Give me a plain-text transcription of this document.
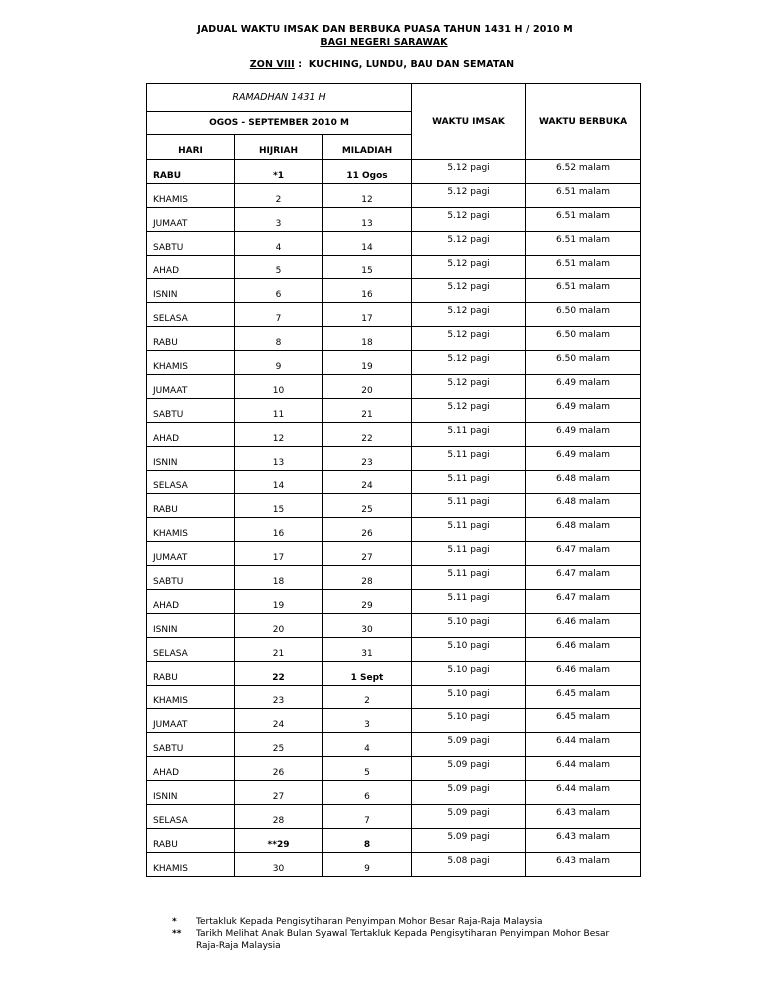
JADUAL WAKTU IMSAK DAN BERBUKA PUASA TAHUN 1431 H / 2010 M
BAGI NEGERI SARAWAK
ZON VIII : KUCHING, LUNDU, BAU DAN SEMATAN
RAMADHAN 1431 H			WAKTU IMSAK	WAKTU BERBUKA
OGOS - SEPTEMBER 2010 M				
HARI	HIJRIAH	MILADIAH		
RABU	*1	11 Ogos	5.12 pagi	6.52 malam
KHAMIS	2	12	5.12 pagi	6.51 malam
JUMAAT	3	13	5.12 pagi	6.51 malam
SABTU	4	14	5.12 pagi	6.51 malam
AHAD	5	15	5.12 pagi	6.51 malam
ISNIN	6	16	5.12 pagi	6.51 malam
SELASA	7	17	5.12 pagi	6.50 malam
RABU	8	18	5.12 pagi	6.50 malam
KHAMIS	9	19	5.12 pagi	6.50 malam
JUMAAT	10	20	5.12 pagi	6.49 malam
SABTU	11	21	5.12 pagi	6.49 malam
AHAD	12	22	5.11 pagi	6.49 malam
ISNIN	13	23	5.11 pagi	6.49 malam
SELASA	14	24	5.11 pagi	6.48 malam
RABU	15	25	5.11 pagi	6.48 malam
KHAMIS	16	26	5.11 pagi	6.48 malam
JUMAAT	17	27	5.11 pagi	6.47 malam
SABTU	18	28	5.11 pagi	6.47 malam
AHAD	19	29	5.11 pagi	6.47 malam
ISNIN	20	30	5.10 pagi	6.46 malam
SELASA	21	31	5.10 pagi	6.46 malam
RABU	22	1 Sept	5.10 pagi	6.46 malam
KHAMIS	23	2	5.10 pagi	6.45 malam
JUMAAT	24	3	5.10 pagi	6.45 malam
SABTU	25	4	5.09 pagi	6.44 malam
AHAD	26	5	5.09 pagi	6.44 malam
ISNIN	27	6	5.09 pagi	6.44 malam
SELASA	28	7	5.09 pagi	6.43 malam
RABU	**29	8	5.09 pagi	6.43 malam
KHAMIS	30	9	5.08 pagi	6.43 malam
*	Tertakluk Kepada Pengisytiharan Penyimpan Mohor Besar Raja-Raja Malaysia
**	Tarikh Melihat Anak Bulan Syawal Tertakluk Kepada Pengisytiharan Penyimpan Mohor Besar Raja-Raja Malaysia
